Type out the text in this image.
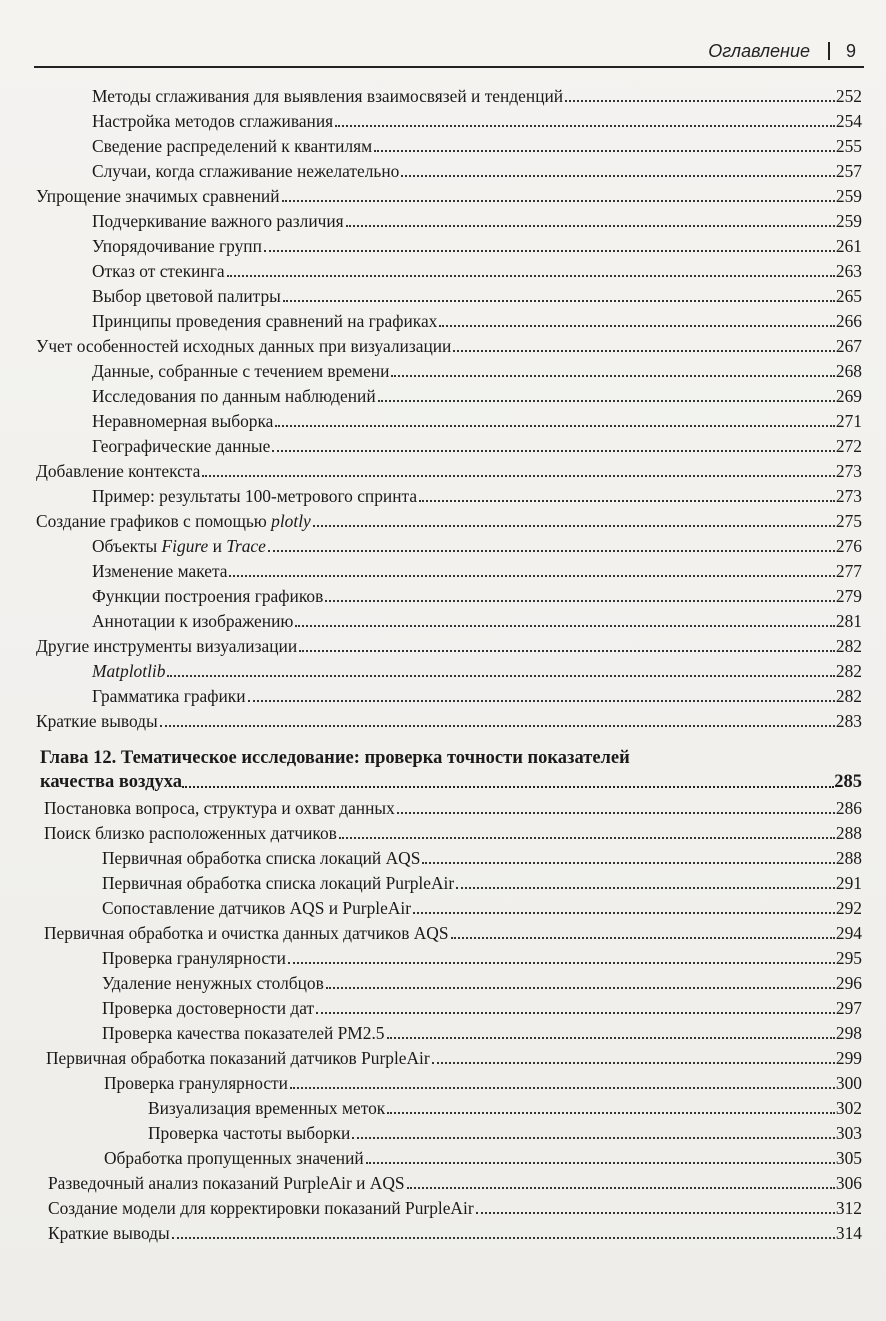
Оглавление 9
Методы сглаживания для выявления взаимосвязей и тенденций	252
Настройка методов сглаживания	254
Сведение распределений к квантилям	255
Случаи, когда сглаживание нежелательно	257
Упрощение значимых сравнений	259
Подчеркивание важного различия	259
Упорядочивание групп	261
Отказ от стекинга	263
Выбор цветовой палитры	265
Принципы проведения сравнений на графиках	266
Учет особенностей исходных данных при визуализации	267
Данные, собранные с течением времени	268
Исследования по данным наблюдений	269
Неравномерная выборка	271
Географические данные	272
Добавление контекста	273
Пример: результаты 100-метрового спринта	273
Создание графиков с помощью plotly	275
Объекты Figure и Trace	276
Изменение макета	277
Функции построения графиков	279
Аннотации к изображению	281
Другие инструменты визуализации	282
Matplotlib	282
Грамматика графики	282
Краткие выводы	283
Глава 12. Тематическое исследование: проверка точности показателей
качества воздуха	285
Постановка вопроса, структура и охват данных	286
Поиск близко расположенных датчиков	288
Первичная обработка списка локаций AQS	288
Первичная обработка списка локаций PurpleAir	291
Сопоставление датчиков AQS и PurpleAir	292
Первичная обработка и очистка данных датчиков AQS	294
Проверка гранулярности	295
Удаление ненужных столбцов	296
Проверка достоверности дат	297
Проверка качества показателей PM2.5	298
Первичная обработка показаний датчиков PurpleAir	299
Проверка гранулярности	300
Визуализация временных меток	302
Проверка частоты выборки	303
Обработка пропущенных значений	305
Разведочный анализ показаний PurpleAir и AQS	306
Создание модели для корректировки показаний PurpleAir	312
Краткие выводы	314
